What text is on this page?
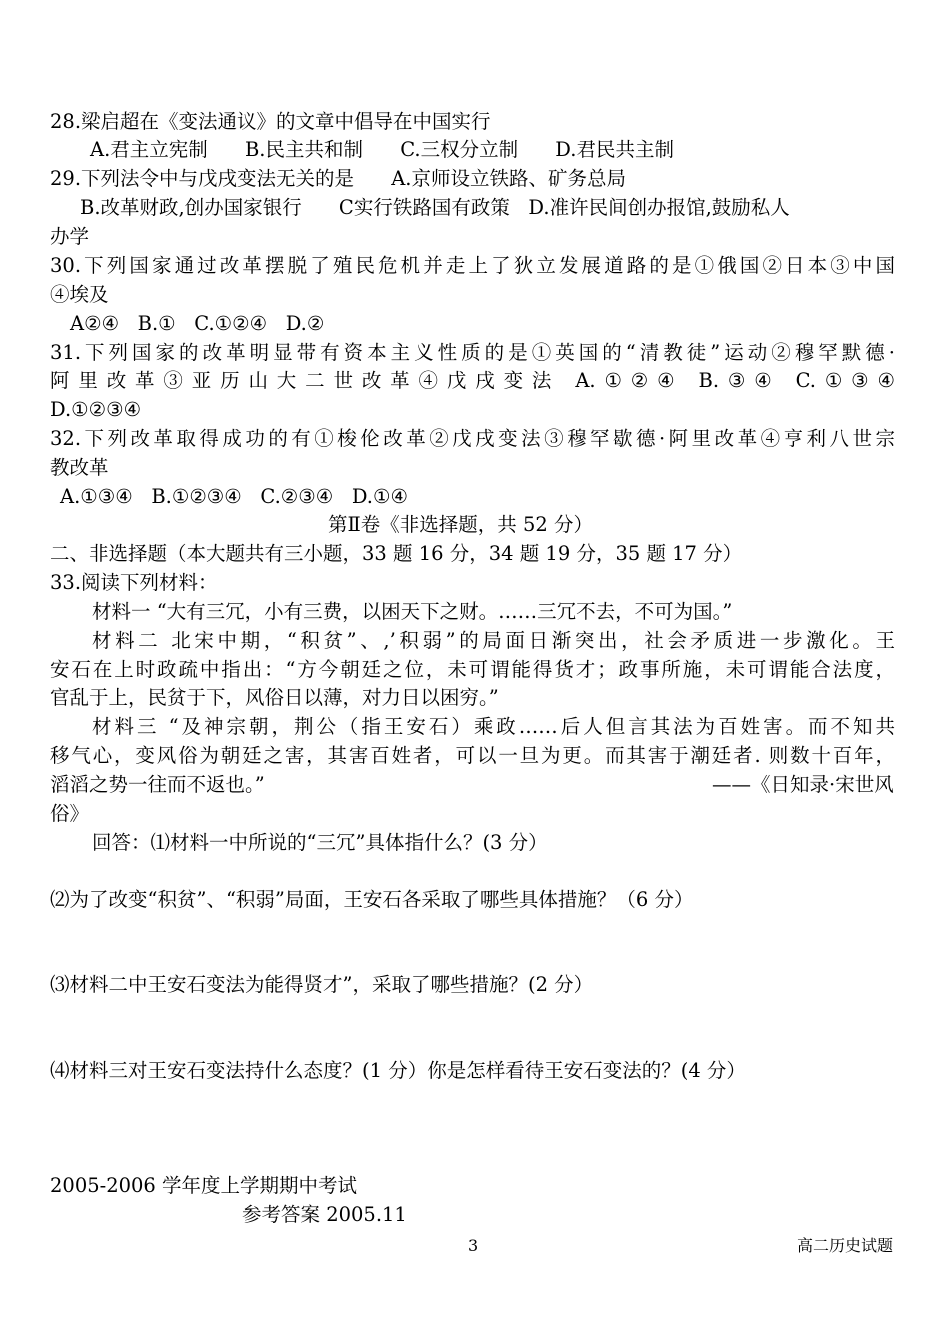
28.梁启超在《变法通议》的文章中倡导在中国实行
A.君主立宪制      B.民主共和制      C.三权分立制      D.君民共主制
29.下列法令中与戊戌变法无关的是      A.京师设立铁路、矿务总局
B.改革财政,创办国家银行      C实行铁路国有政策   D.准许民间创办报馆,鼓励私人
办学
30.下列国家通过改革摆脱了殖民危机并走上了狄立发展道路的是①俄国②日本③中国
④埃及
A②④   B.①   C.①②④   D.②
31.下列国家的改革明显带有资本主义性质的是①英国的“清教徒”运动②穆罕默德·
阿里改革③亚历山大二世改革④戊戌变法 A.①②④ B.③④ C.①③④
D.①②③④
32.下列改革取得成功的有①梭伦改革②戊戌变法③穆罕歇德·阿里改革④亨利八世宗
教改革
A.①③④   B.①②③④   C.②③④   D.①④
第Ⅱ卷《非选择题，共 52 分）
二、非选择题（本大题共有三小题，33 题 16 分，34 题 19 分，35 题 17 分）
33.阅读下列材料：
材料一 “大有三冗，小有三费，以困天下之财。……三冗不去，不可为国。”
材料二 北宋中期，“积贫”、,’积弱”的局面日渐突出，社会矛质进一步激化。王
安石在上时政疏中指出：“方今朝廷之位，未可谓能得货才；政事所施，未可谓能合法度，
官乱于上，民贫于下，风俗日以薄，对力日以困穷。”
材料三 “及神宗朝，荆公（指王安石）乘政……后人但言其法为百姓害。而不知共
移气心，变风俗为朝廷之害，其害百姓者，可以一旦为更。而其害于潮廷者. 则数十百年，
滔滔之势一往而不返也。”	——《日知录·宋世风
俗》
回答：⑴材料一中所说的“三冗”具体指什么？(3 分）
⑵为了改变“积贫”、“积弱”局面，王安石各采取了哪些具体措施？（6 分）
⑶材料二中王安石变法为能得贤才”，采取了哪些措施？(2 分）
⑷材料三对王安石变法持什么态度？(1 分）你是怎样看待王安石变法的？(4 分）
2005-2006 学年度上学期期中考试
参考答案 2005.11
3	高二历史试题
